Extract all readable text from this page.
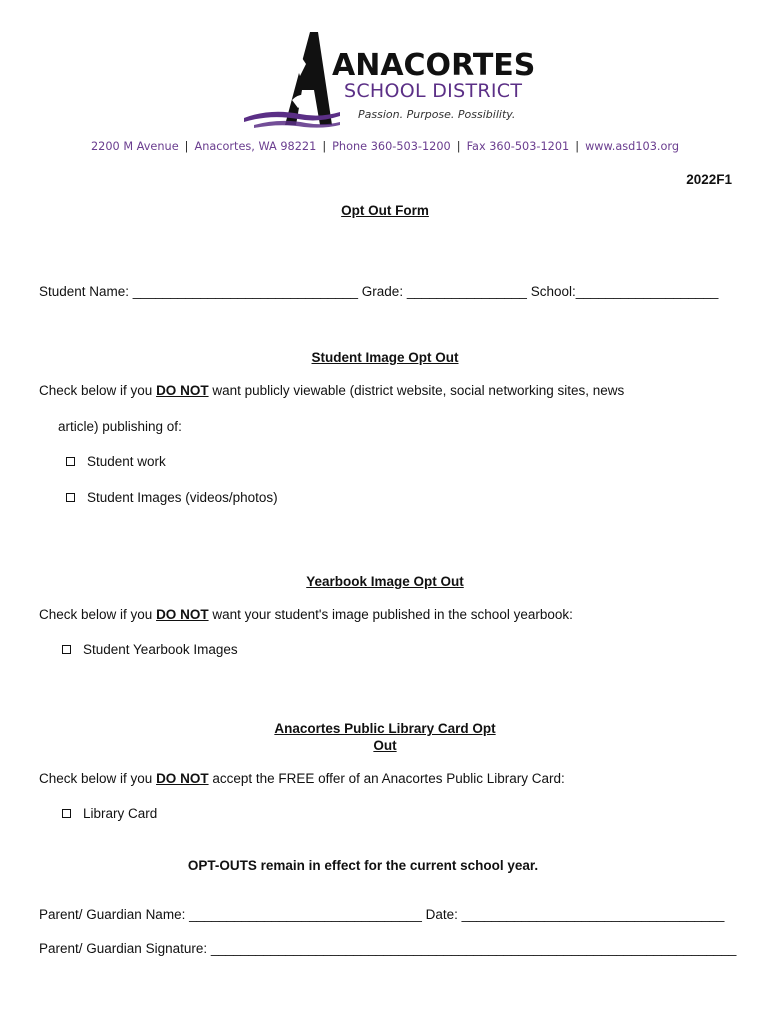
ANACORTES
SCHOOL DISTRICT
Passion. Purpose. Possibility.
2200 M Avenue | Anacortes, WA 98221 | Phone 360-503-1200 | Fax 360-503-1201 | www.asd103.org
2022F1
Opt Out Form
Student Name: ______________________________ Grade: ________________ School:___________________
Student Image Opt Out
Check below if you DO NOT want publicly viewable (district website, social networking sites, news
article) publishing of:
Student work
Student Images (videos/photos)
Yearbook Image Opt Out
Check below if you DO NOT want your student's image published in the school yearbook:
Student Yearbook Images
Anacortes Public Library Card Opt
Out
Check below if you DO NOT accept the FREE offer of an Anacortes Public Library Card:
Library Card
OPT-OUTS remain in effect for the current school year.
Parent/ Guardian Name: _______________________________ Date: ___________________________________
Parent/ Guardian Signature: ______________________________________________________________________
